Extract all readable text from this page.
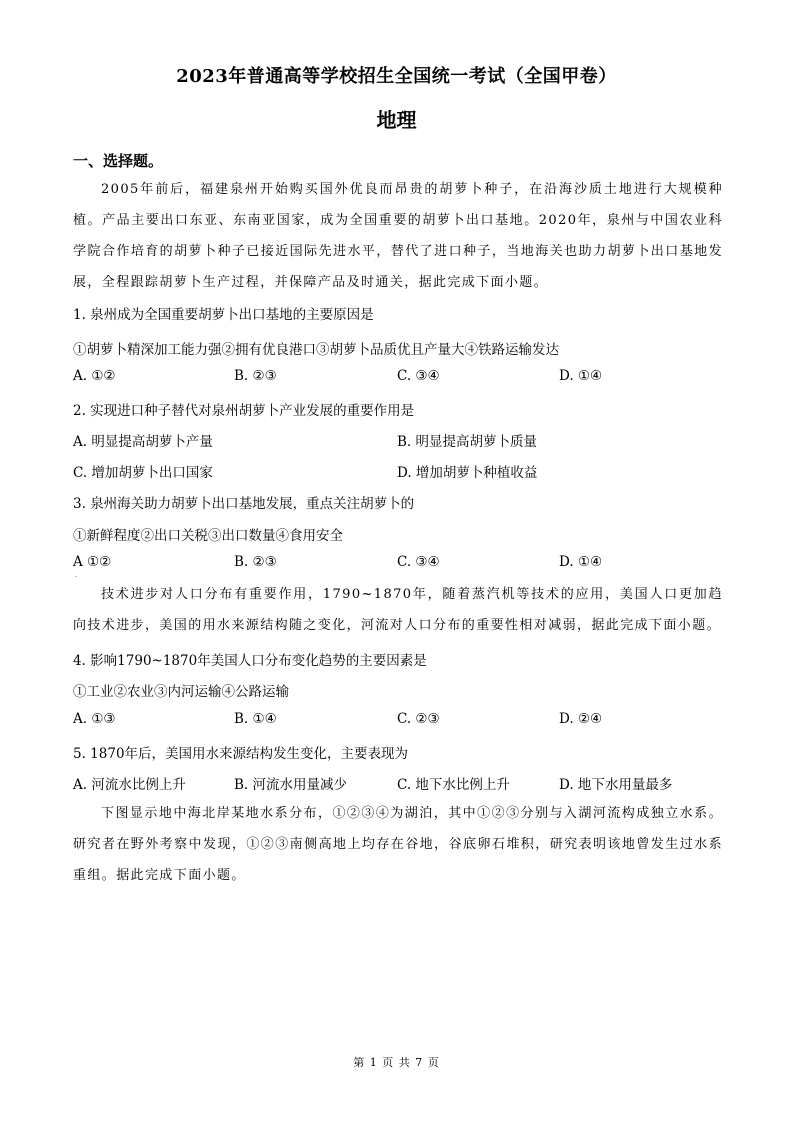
2023年普通高等学校招生全国统一考试（全国甲卷）
地理
一、选择题。
2005年前后，福建泉州开始购买国外优良而昂贵的胡萝卜种子，在沿海沙质土地进行大规模种植。产品主要出口东亚、东南亚国家，成为全国重要的胡萝卜出口基地。2020年，泉州与中国农业科学院合作培育的胡萝卜种子已接近国际先进水平，替代了进口种子，当地海关也助力胡萝卜出口基地发展，全程跟踪胡萝卜生产过程，并保障产品及时通关，据此完成下面小题。
1. 泉州成为全国重要胡萝卜出口基地的主要原因是
①胡萝卜精深加工能力强②拥有优良港口③胡萝卜品质优且产量大④铁路运输发达
A. ①②	B. ②③	C. ③④	D. ①④
2. 实现进口种子替代对泉州胡萝卜产业发展的重要作用是
A. 明显提高胡萝卜产量	B. 明显提高胡萝卜质量
C. 增加胡萝卜出口国家	D. 增加胡萝卜种植收益
3. 泉州海关助力胡萝卜出口基地发展，重点关注胡萝卜的
①新鲜程度②出口关税③出口数量④食用安全
A ①②	B. ②③	C. ③④	D. ①④
·
技术进步对人口分布有重要作用，1790~1870年，随着蒸汽机等技术的应用，美国人口更加趋向技术进步，美国的用水来源结构随之变化，河流对人口分布的重要性相对减弱，据此完成下面小题。
4. 影响1790~1870年美国人口分布变化趋势的主要因素是
①工业②农业③内河运输④公路运输
A. ①③	B. ①④	C. ②③	D. ②④
5. 1870年后，美国用水来源结构发生变化，主要表现为
A. 河流水比例上升	B. 河流水用量减少	C. 地下水比例上升	D. 地下水用量最多
下图显示地中海北岸某地水系分布，①②③④为湖泊，其中①②③分别与入湖河流构成独立水系。研究者在野外考察中发现，①②③南侧高地上均存在谷地，谷底卵石堆积，研究表明该地曾发生过水系重组。据此完成下面小题。
第 1 页 共 7 页
